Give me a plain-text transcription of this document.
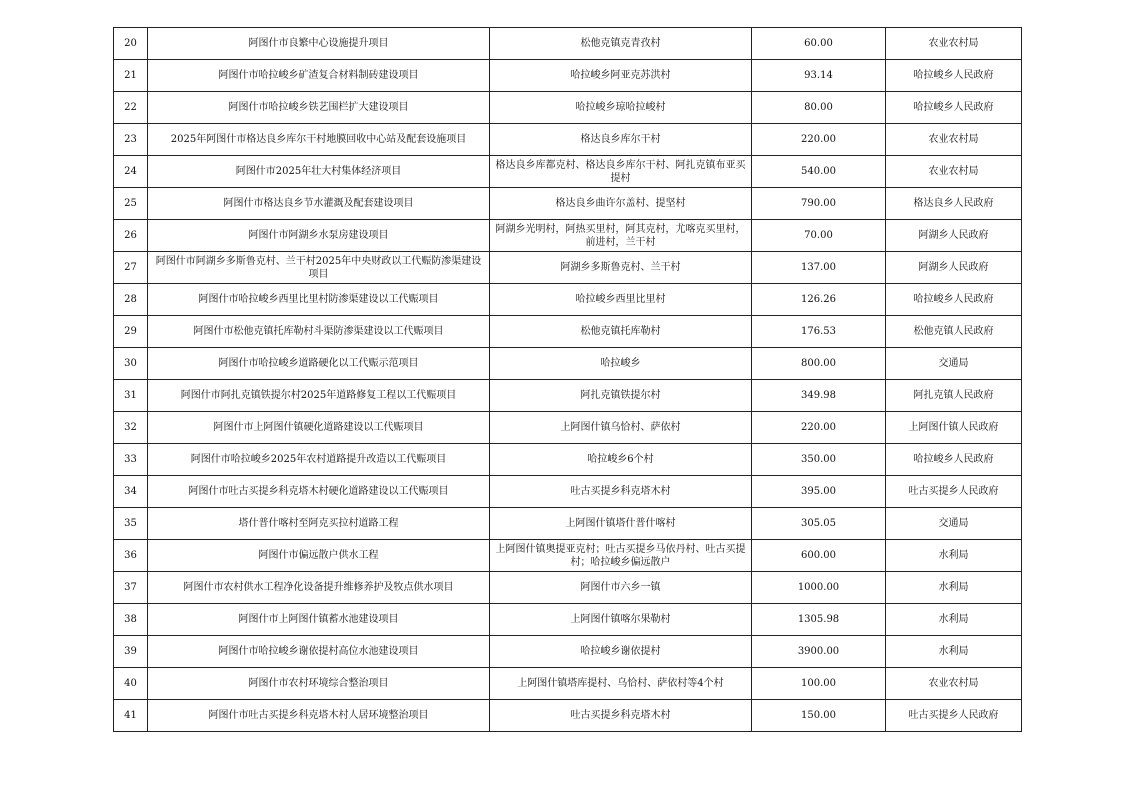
20	阿图什市良繁中心设施提升项目	松他克镇克青孜村	60.00	农业农村局
21	阿图什市哈拉峻乡矿渣复合材料制砖建设项目	哈拉峻乡阿亚克苏洪村	93.14	哈拉峻乡人民政府
22	阿图什市哈拉峻乡铁艺围栏扩大建设项目	哈拉峻乡琼哈拉峻村	80.00	哈拉峻乡人民政府
23	2025年阿图什市格达良乡库尔干村地膜回收中心站及配套设施项目	格达良乡库尔干村	220.00	农业农村局
24	阿图什市2025年壮大村集体经济项目	格达良乡库都克村、格达良乡库尔干村、阿扎克镇布亚买提村	540.00	农业农村局
25	阿图什市格达良乡节水灌溉及配套建设项目	格达良乡曲许尔盖村、提坚村	790.00	格达良乡人民政府
26	阿图什市阿湖乡水泵房建设项目	阿湖乡光明村，阿热买里村，阿其克村，尤喀克买里村，前进村，兰干村	70.00	阿湖乡人民政府
27	阿图什市阿湖乡多斯鲁克村、兰干村2025年中央财政以工代赈防渗渠建设项目	阿湖乡多斯鲁克村、兰干村	137.00	阿湖乡人民政府
28	阿图什市哈拉峻乡西里比里村防渗渠建设以工代赈项目	哈拉峻乡西里比里村	126.26	哈拉峻乡人民政府
29	阿图什市松他克镇托库勒村斗渠防渗渠建设以工代赈项目	松他克镇托库勒村	176.53	松他克镇人民政府
30	阿图什市哈拉峻乡道路硬化以工代赈示范项目	哈拉峻乡	800.00	交通局
31	阿图什市阿扎克镇铁提尔村2025年道路修复工程以工代赈项目	阿扎克镇铁提尔村	349.98	阿扎克镇人民政府
32	阿图什市上阿图什镇硬化道路建设以工代赈项目	上阿图什镇乌恰村、萨依村	220.00	上阿图什镇人民政府
33	阿图什市哈拉峻乡2025年农村道路提升改造以工代赈项目	哈拉峻乡6个村	350.00	哈拉峻乡人民政府
34	阿图什市吐古买提乡科克塔木村硬化道路建设以工代赈项目	吐古买提乡科克塔木村	395.00	吐古买提乡人民政府
35	塔什普什喀村至阿克买拉村道路工程	上阿图什镇塔什普什喀村	305.05	交通局
36	阿图什市偏远散户供水工程	上阿图什镇奥提亚克村；吐古买提乡马依丹村、吐古买提村；哈拉峻乡偏远散户	600.00	水利局
37	阿图什市农村供水工程净化设备提升维修养护及牧点供水项目	阿图什市六乡一镇	1000.00	水利局
38	阿图什市上阿图什镇蓄水池建设项目	上阿图什镇喀尔果勒村	1305.98	水利局
39	阿图什市哈拉峻乡谢依提村高位水池建设项目	哈拉峻乡谢依提村	3900.00	水利局
40	阿图什市农村环境综合整治项目	上阿图什镇塔库提村、乌恰村、萨依村等4个村	100.00	农业农村局
41	阿图什市吐古买提乡科克塔木村人居环境整治项目	吐古买提乡科克塔木村	150.00	吐古买提乡人民政府
